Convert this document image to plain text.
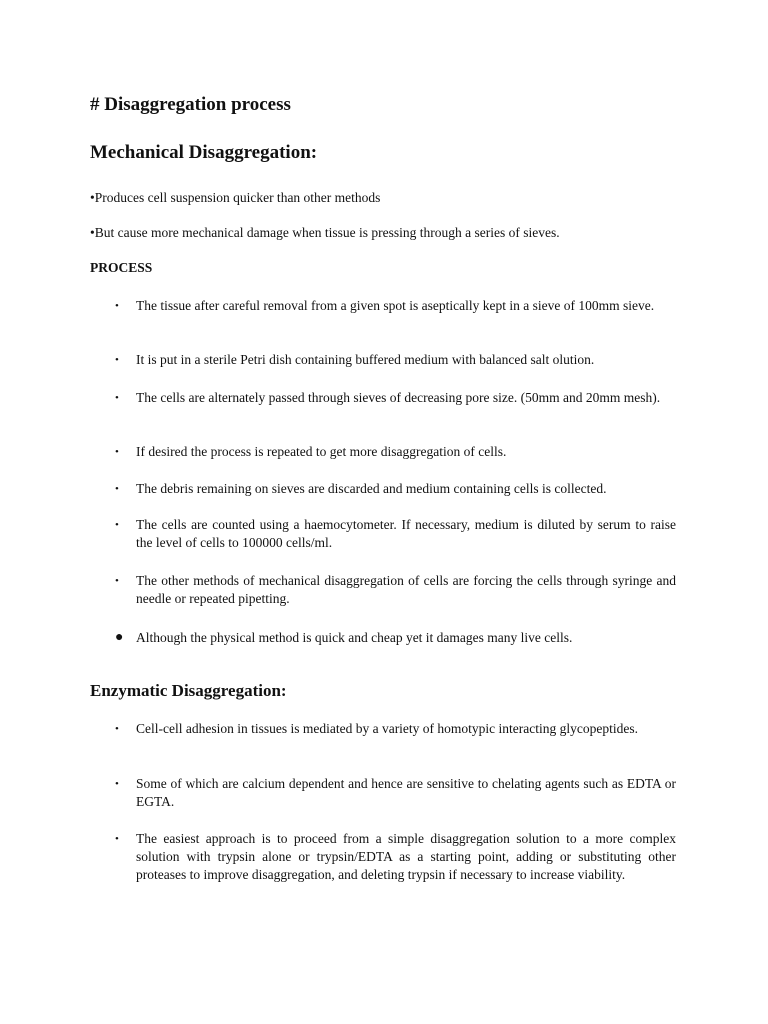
# Disaggregation process
Mechanical Disaggregation:

•Produces cell suspension quicker than other methods

•But cause more mechanical damage when tissue is pressing through a series of sieves.

PROCESS

•	The tissue after careful removal from a given spot is aseptically kept in a sieve of 100mm sieve.
•	It is put in a sterile Petri dish containing buffered medium with balanced salt olution.
•	The cells are alternately passed through sieves of decreasing pore size. (50mm and 20mm mesh).
•	If desired the process is repeated to get more disaggregation of cells.
•	The debris remaining on sieves are discarded and medium containing cells is collected.
•	The cells are counted using a haemocytometer. If necessary, medium is diluted by serum to raise the level of cells to 100000 cells/ml.
•	The other methods of mechanical disaggregation of cells are forcing the cells through syringe and needle or repeated pipetting.
● Although the physical method is quick and cheap yet it damages many live cells.
Enzymatic Disaggregation:
•	Cell-cell adhesion in tissues is mediated by a variety of homotypic interacting glycopeptides.
•	Some of which are calcium dependent and hence are sensitive to chelating agents such as EDTA or EGTA.
•	The easiest approach is to proceed from a simple disaggregation solution to a more complex solution with trypsin alone or trypsin/EDTA as a starting point, adding or substituting other proteases to improve disaggregation, and deleting trypsin if necessary to increase viability.
